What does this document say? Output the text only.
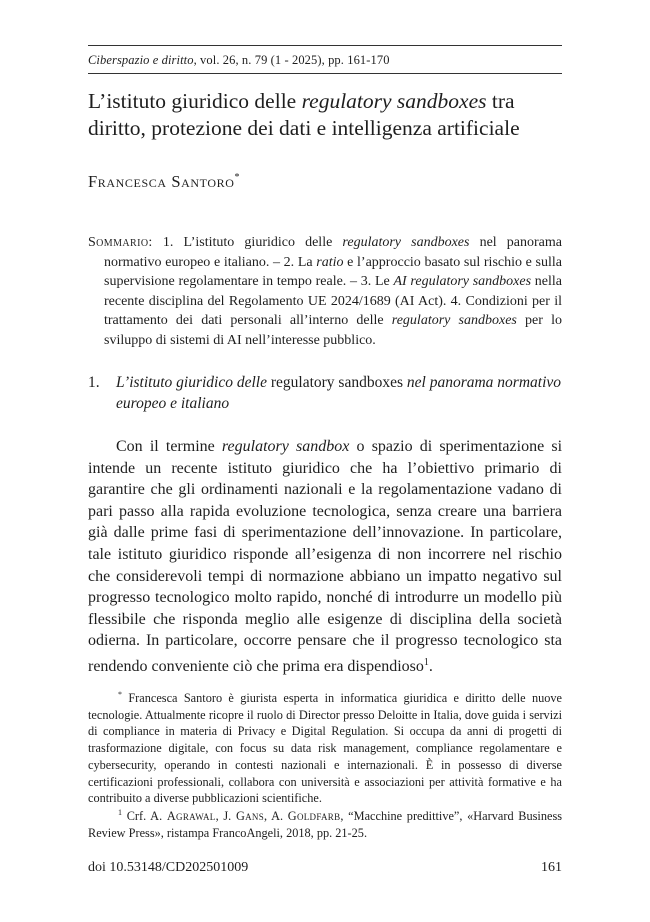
Ciberspazio e diritto, vol. 26, n. 79 (1 - 2025), pp. 161-170
L’istituto giuridico delle regulatory sandboxes tra diritto, protezione dei dati e intelligenza artificiale
Francesca Santoro*
Sommario: 1. L’istituto giuridico delle regulatory sandboxes nel panorama normativo europeo e italiano. – 2. La ratio e l’approccio basato sul rischio e sulla supervisione regolamentare in tempo reale. – 3. Le AI regulatory sandboxes nella recente disciplina del Regolamento UE 2024/1689 (AI Act). 4. Condizioni per il trattamento dei dati personali all’interno delle regulatory sandboxes per lo sviluppo di sistemi di AI nell’interesse pubblico.
1. L’istituto giuridico delle regulatory sandboxes nel panorama normativo europeo e italiano

Con il termine regulatory sandbox o spazio di sperimentazione si intende un recente istituto giuridico che ha l’obiettivo primario di garantire che gli ordinamenti nazionali e la regolamentazione vadano di pari passo alla rapida evoluzione tecnologica, senza creare una barriera già dalle prime fasi di sperimentazione dell’innovazione. In particolare, tale istituto giuridico risponde all’esigenza di non incorrere nel rischio che considerevoli tempi di normazione abbiano un impatto negativo sul progresso tecnologico molto rapido, nonché di introdurre un modello più flessibile che risponda meglio alle esigenze di disciplina della società odierna. In particolare, occorre pensare che il progresso tecnologico sta rendendo conveniente ciò che prima era dispendioso$^1$.

* Francesca Santoro è giurista esperta in informatica giuridica e diritto delle nuove tecnologie. Attualmente ricopre il ruolo di Director presso Deloitte in Italia, dove guida i servizi di compliance in materia di Privacy e Digital Regulation. Si occupa da anni di progetti di trasformazione digitale, con focus su data risk management, compliance regolamentare e cybersecurity, operando in contesti nazionali e internazionali. È in possesso di diverse certificazioni professionali, collabora con università e associazioni per attività formative e ha contribuito a diverse pubblicazioni scientifiche.

$^1$ Crf. A. Agrawal, J. Gans, A. Goldfarb, “Macchine predittive”, «Harvard Business Review Press», ristampa FrancoAngeli, 2018, pp. 21-25.

doi 10.53148/CD202501009	161
